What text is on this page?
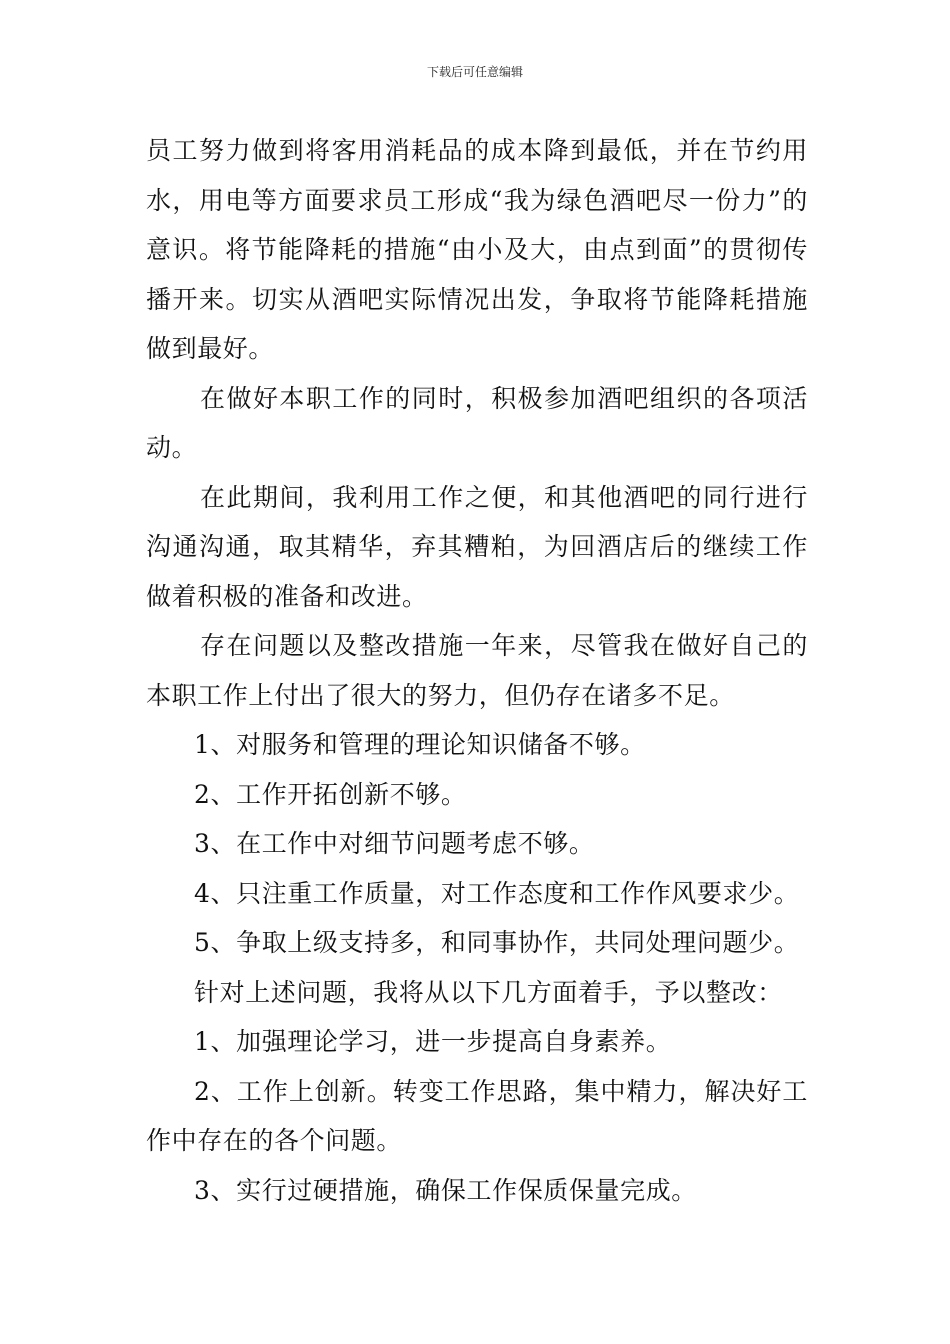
下载后可任意编辑

员工努力做到将客用消耗品的成本降到最低，并在节约用水，用电等方面要求员工形成“我为绿色酒吧尽一份力”的意识。将节能降耗的措施“由小及大，由点到面”的贯彻传播开来。切实从酒吧实际情况出发，争取将节能降耗措施做到最好。

在做好本职工作的同时，积极参加酒吧组织的各项活动。

在此期间，我利用工作之便，和其他酒吧的同行进行沟通沟通，取其精华，弃其糟粕，为回酒店后的继续工作做着积极的准备和改进。

存在问题以及整改措施一年来，尽管我在做好自己的本职工作上付出了很大的努力，但仍存在诸多不足。

1、对服务和管理的理论知识储备不够。

2、工作开拓创新不够。

3、在工作中对细节问题考虑不够。

4、只注重工作质量，对工作态度和工作作风要求少。

5、争取上级支持多，和同事协作，共同处理问题少。

针对上述问题，我将从以下几方面着手，予以整改：

1、加强理论学习，进一步提高自身素养。

2、工作上创新。转变工作思路，集中精力，解决好工作中存在的各个问题。

3、实行过硬措施，确保工作保质保量完成。
